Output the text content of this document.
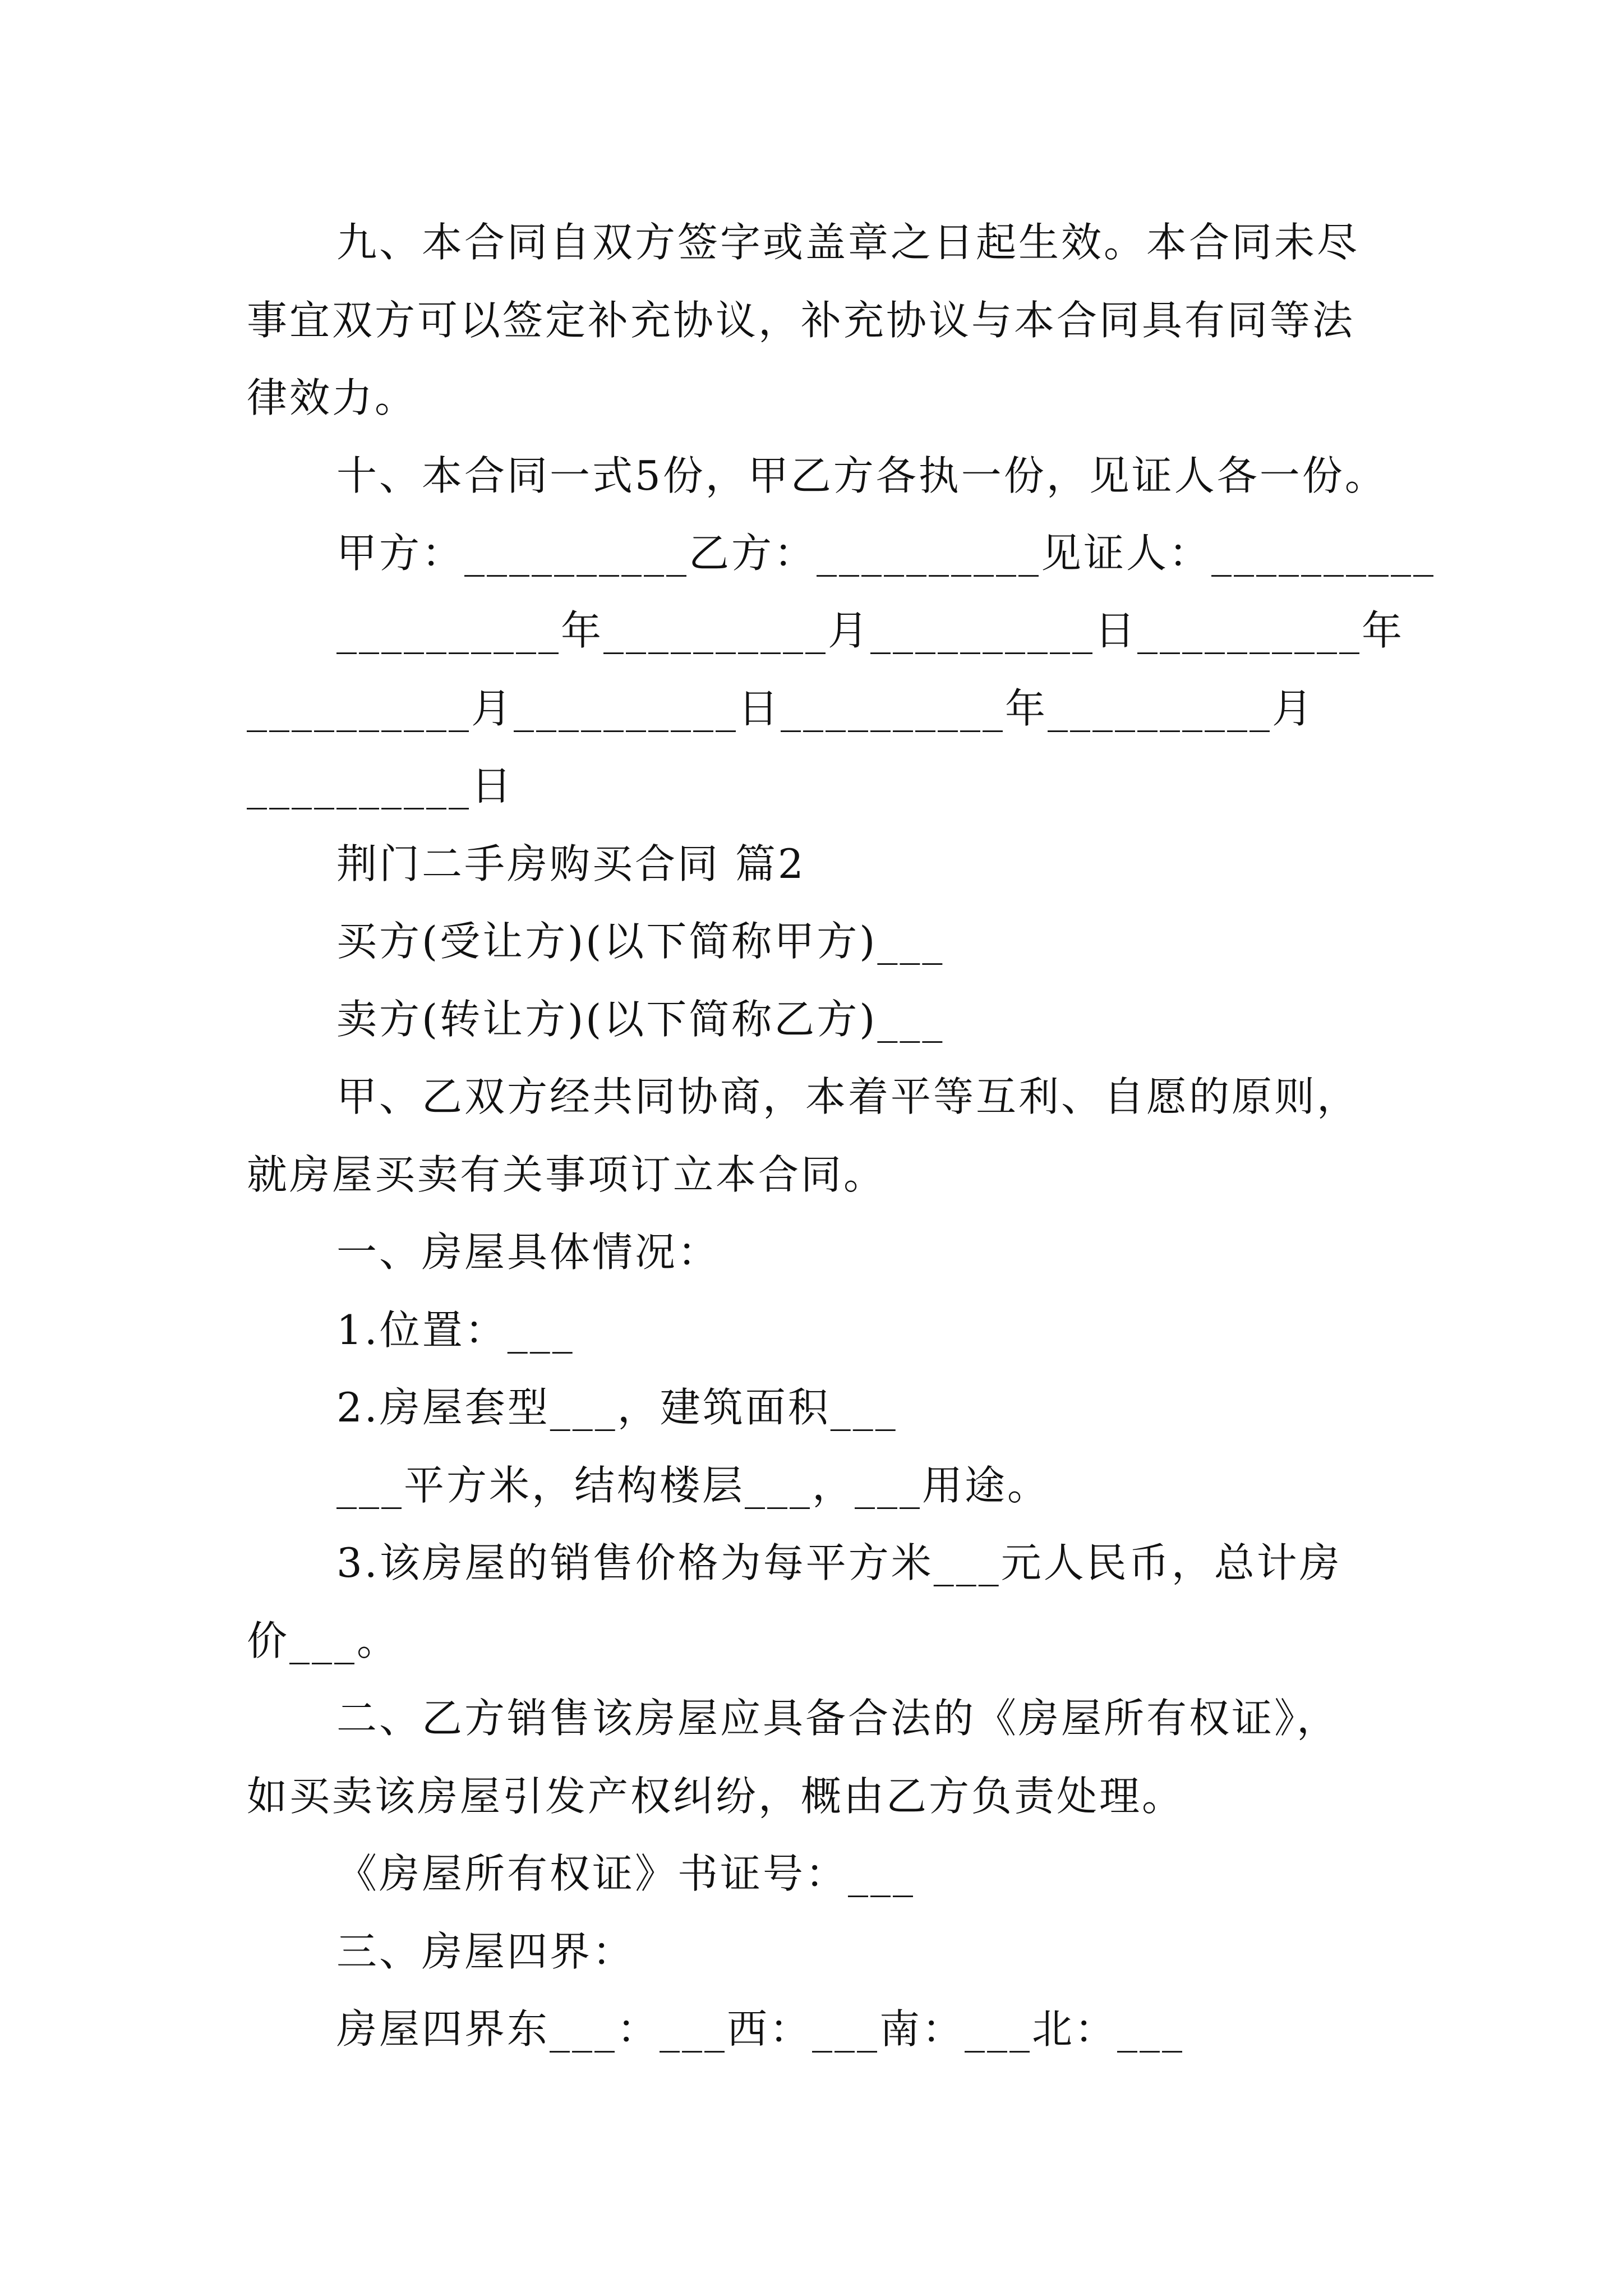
九、本合同自双方签字或盖章之日起生效。本合同未尽
事宜双方可以签定补充协议，补充协议与本合同具有同等法
律效力。
十、本合同一式5份，甲乙方各执一份，见证人各一份。
甲方：__________乙方：__________见证人：__________
__________年__________月__________日__________年
__________月__________日__________年__________月
__________日
荆门二手房购买合同 篇2
买方(受让方)(以下简称甲方)___
卖方(转让方)(以下简称乙方)___
甲、乙双方经共同协商，本着平等互利、自愿的原则，
就房屋买卖有关事项订立本合同。
一、房屋具体情况：
1.位置：___
2.房屋套型___，建筑面积___
___平方米，结构楼层___，___用途。
3.该房屋的销售价格为每平方米___元人民币，总计房
价___。
二、乙方销售该房屋应具备合法的《房屋所有权证》，
如买卖该房屋引发产权纠纷，概由乙方负责处理。
《房屋所有权证》书证号：___
三、房屋四界：
房屋四界东___：___西：___南：___北：___
